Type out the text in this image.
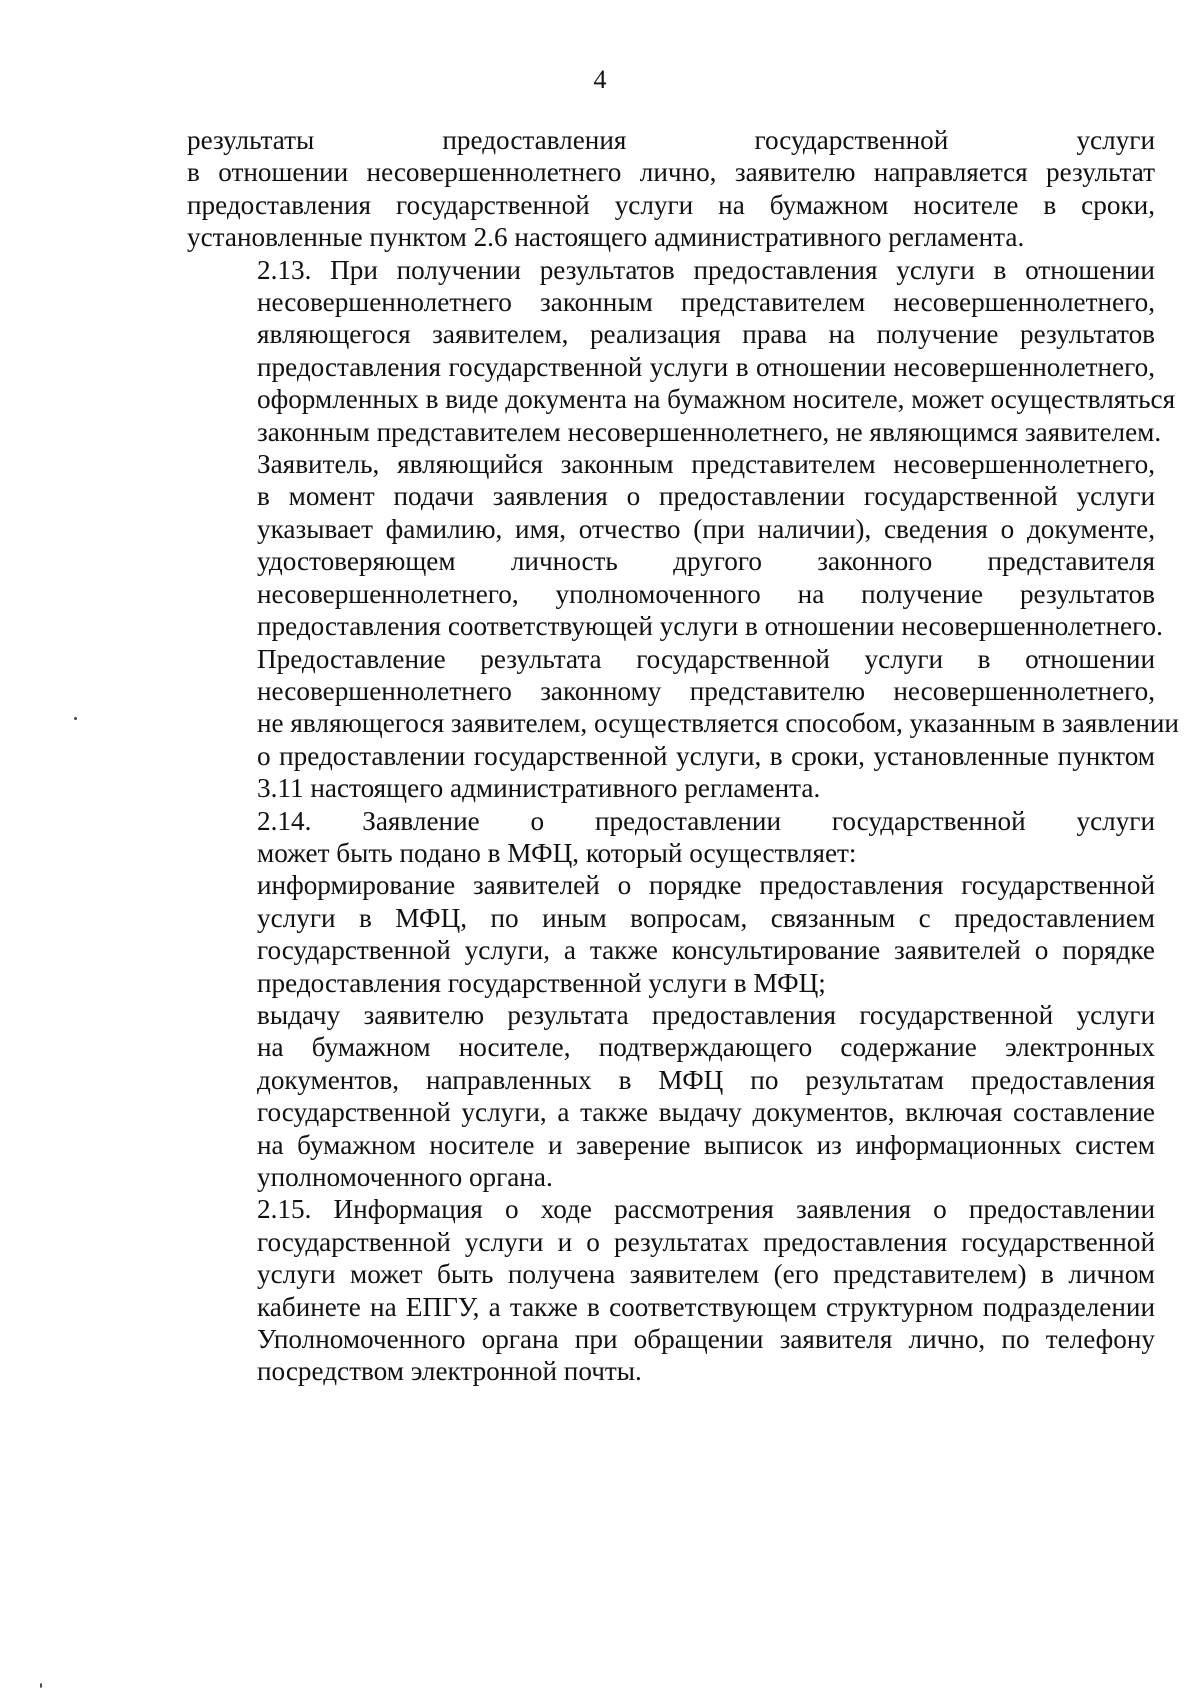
4

результаты предоставления государственной услуги
в отношении несовершеннолетнего лично, заявителю направляется результат
предоставления государственной услуги на бумажном носителе в сроки,
установленные пунктом 2.6 настоящего административного регламента.

2.13. При получении результатов предоставления услуги в отношении
несовершеннолетнего законным представителем несовершеннолетнего,
являющегося заявителем, реализация права на получение результатов
предоставления государственной услуги в отношении несовершеннолетнего,
оформленных в виде документа на бумажном носителе, может осуществляться
законным представителем несовершеннолетнего, не являющимся заявителем.

Заявитель, являющийся законным представителем несовершеннолетнего,
в момент подачи заявления о предоставлении государственной услуги
указывает фамилию, имя, отчество (при наличии), сведения о документе,
удостоверяющем личность другого законного представителя
несовершеннолетнего, уполномоченного на получение результатов
предоставления соответствующей услуги в отношении несовершеннолетнего.

Предоставление результата государственной услуги в отношении
несовершеннолетнего законному представителю несовершеннолетнего,
не являющегося заявителем, осуществляется способом, указанным в заявлении
о предоставлении государственной услуги, в сроки, установленные пунктом
3.11 настоящего административного регламента.

2.14. Заявление о предоставлении государственной услуги
может быть подано в МФЦ, который осуществляет:

информирование заявителей о порядке предоставления государственной
услуги в МФЦ, по иным вопросам, связанным с предоставлением
государственной услуги, а также консультирование заявителей о порядке
предоставления государственной услуги в МФЦ;

выдачу заявителю результата предоставления государственной услуги
на бумажном носителе, подтверждающего содержание электронных
документов, направленных в МФЦ по результатам предоставления
государственной услуги, а также выдачу документов, включая составление
на бумажном носителе и заверение выписок из информационных систем
уполномоченного органа.

2.15. Информация о ходе рассмотрения заявления о предоставлении
государственной услуги и о результатах предоставления государственной
услуги может быть получена заявителем (его представителем) в личном
кабинете на ЕПГУ, а также в соответствующем структурном подразделении
Уполномоченного органа при обращении заявителя лично, по телефону
посредством электронной почты.
